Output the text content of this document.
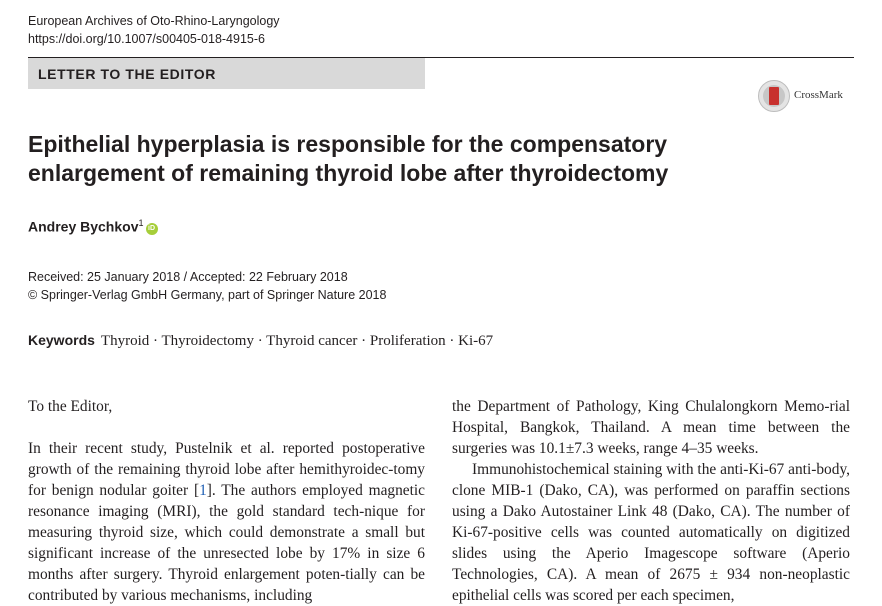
European Archives of Oto-Rhino-Laryngology
https://doi.org/10.1007/s00405-018-4915-6
LETTER TO THE EDITOR
CrossMark
Epithelial hyperplasia is responsible for the compensatory
enlargement of remaining thyroid lobe after thyroidectomy
Andrey Bychkov$^1$iD
Received: 25 January 2018 / Accepted: 22 February 2018
© Springer-Verlag GmbH Germany, part of Springer Nature 2018
Keywords Thyroid · Thyroidectomy · Thyroid cancer · Proliferation · Ki-67

To the Editor,

In their recent study, Pustelnik et al. reported postoperative growth of the remaining thyroid lobe after hemithyroidec-tomy for benign nodular goiter [1]. The authors employed magnetic resonance imaging (MRI), the gold standard tech-nique for measuring thyroid size, which could demonstrate a small but significant increase of the unresected lobe by 17% in size 6 months after surgery. Thyroid enlargement poten-tially can be contributed by various mechanisms, including

the Department of Pathology, King Chulalongkorn Memo-rial Hospital, Bangkok, Thailand. A mean time between the surgeries was 10.1±7.3 weeks, range 4–35 weeks.

Immunohistochemical staining with the anti-Ki-67 anti-body, clone MIB-1 (Dako, CA), was performed on paraffin sections using a Dako Autostainer Link 48 (Dako, CA). The number of Ki-67-positive cells was counted automatically on digitized slides using the Aperio Imagescope software (Aperio Technologies, CA). A mean of 2675 ± 934 non-neoplastic epithelial cells was scored per each specimen,
